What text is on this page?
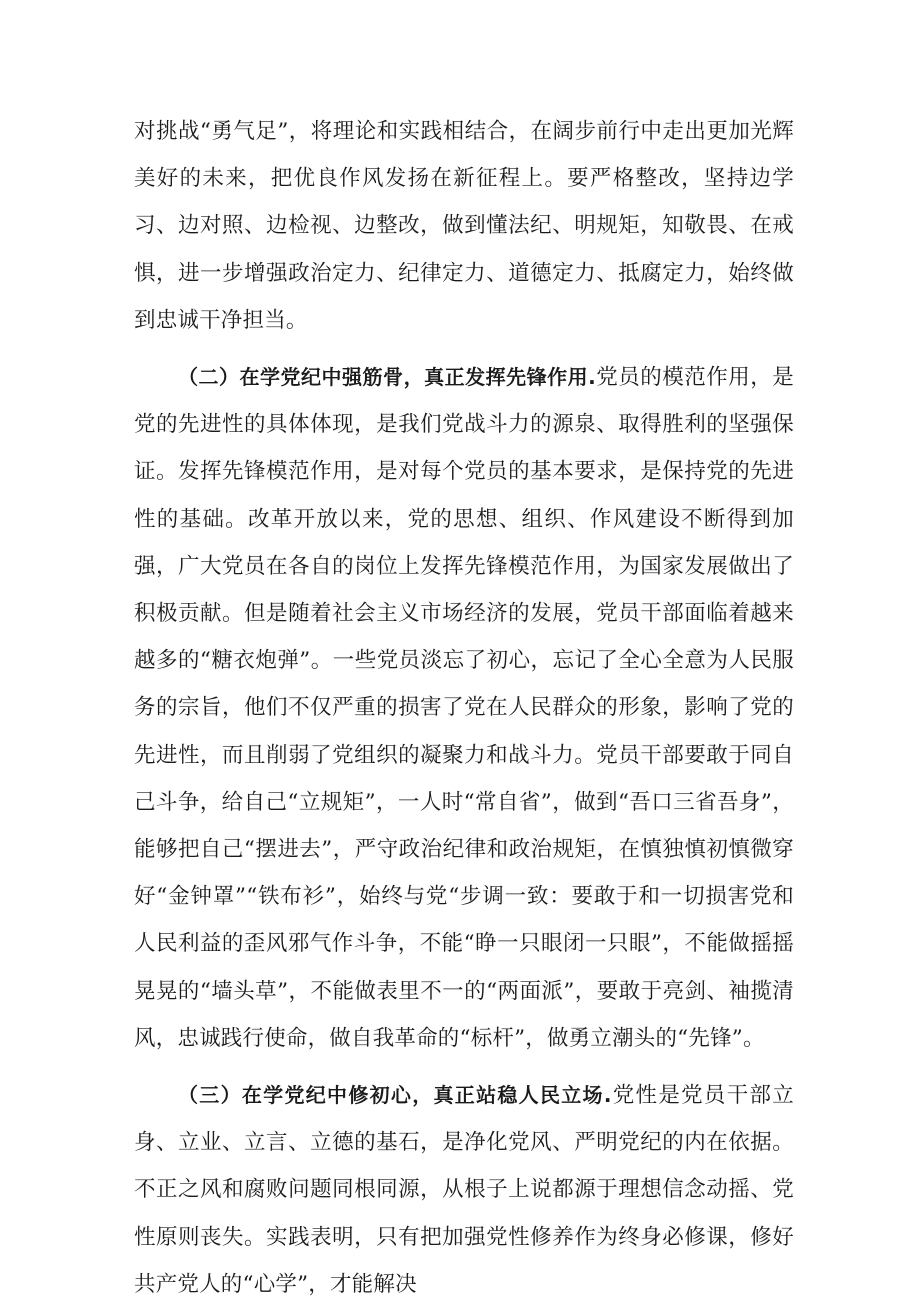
对挑战“勇气足”，将理论和实践相结合，在阔步前行中走出更加光辉美好的未来，把优良作风发扬在新征程上。要严格整改，坚持边学习、边对照、边检视、边整改，做到懂法纪、明规矩，知敬畏、在戒惧，进一步增强政治定力、纪律定力、道德定力、抵腐定力，始终做到忠诚干净担当。

（二）在学党纪中强筋骨，真正发挥先锋作用.党员的模范作用，是党的先进性的具体体现，是我们党战斗力的源泉、取得胜利的坚强保证。发挥先锋模范作用，是对每个党员的基本要求，是保持党的先进性的基础。改革开放以来，党的思想、组织、作风建设不断得到加强，广大党员在各自的岗位上发挥先锋模范作用，为国家发展做出了积极贡献。但是随着社会主义市场经济的发展，党员干部面临着越来越多的“糖衣炮弹”。一些党员淡忘了初心，忘记了全心全意为人民服务的宗旨，他们不仅严重的损害了党在人民群众的形象，影响了党的先进性，而且削弱了党组织的凝聚力和战斗力。党员干部要敢于同自己斗争，给自己“立规矩”，一人时“常自省”，做到“吾口三省吾身”，能够把自己“摆进去”，严守政治纪律和政治规矩，在慎独慎初慎微穿好“金钟罩”“铁布衫”，始终与党“步调一致：要敢于和一切损害党和人民利益的歪风邪气作斗争，不能“睁一只眼闭一只眼”，不能做摇摇晃晃的“墙头草”，不能做表里不一的“两面派”，要敢于亮剑、袖揽清风，忠诚践行使命，做自我革命的“标杆”，做勇立潮头的“先锋”。

（三）在学党纪中修初心，真正站稳人民立场.党性是党员干部立身、立业、立言、立德的基石，是净化党风、严明党纪的内在依据。不正之风和腐败问题同根同源，从根子上说都源于理想信念动摇、党性原则丧失。实践表明，只有把加强党性修养作为终身必修课，修好共产党人的“心学”，才能解决
